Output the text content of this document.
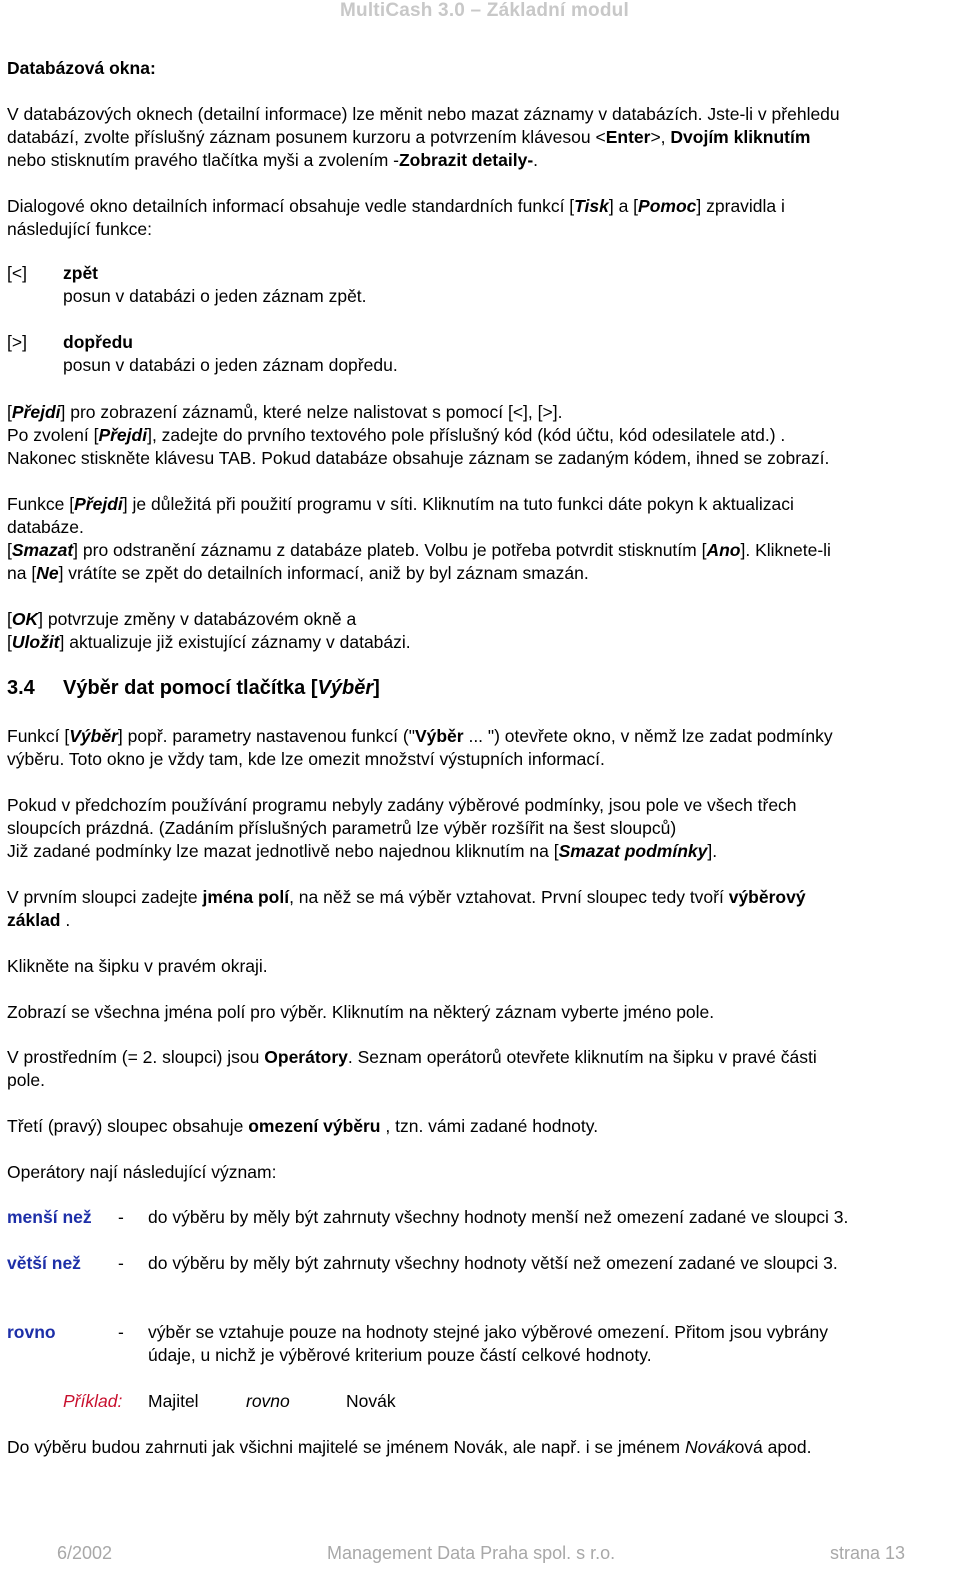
MultiCash 3.0 – Základní modul
Databázová okna:
V databázových oknech (detailní informace) lze měnit nebo mazat záznamy v databázích. Jste-li v přehledu
databází, zvolte příslušný záznam posunem kurzoru a potvrzením klávesou <Enter>, Dvojím kliknutím
nebo stisknutím pravého tlačítka myši a zvolením -Zobrazit detaily-.
Dialogové okno detailních informací obsahuje vedle standardních funkcí [Tisk] a [Pomoc] zpravidla i
následující funkce:
[<] zpět
posun v databázi o jeden záznam zpět.
[>] dopředu
posun v databázi o jeden záznam dopředu.
[Přejdi] pro zobrazení záznamů, které nelze nalistovat s pomocí [<], [>].
Po zvolení [Přejdi], zadejte do prvního textového pole příslušný kód (kód účtu, kód odesilatele atd.) .
Nakonec stiskněte klávesu TAB. Pokud databáze obsahuje záznam se zadaným kódem, ihned se zobrazí.
Funkce [Přejdi] je důležitá při použití programu v síti. Kliknutím na tuto funkci dáte pokyn k aktualizaci
databáze.
[Smazat] pro odstranění záznamu z databáze plateb. Volbu je potřeba potvrdit stisknutím [Ano]. Kliknete-li
na [Ne] vrátíte se zpět do detailních informací, aniž by byl záznam smazán.
[OK] potvrzuje změny v databázovém okně a
[Uložit] aktualizuje již existující záznamy v databázi.
3.4 Výběr dat pomocí tlačítka [Výběr]
Funkcí [Výběr] popř. parametry nastavenou funkcí ("Výběr ... ") otevřete okno, v němž lze zadat podmínky
výběru. Toto okno je vždy tam, kde lze omezit množství výstupních informací.
Pokud v předchozím používání programu nebyly zadány výběrové podmínky, jsou pole ve všech třech
sloupcích prázdná. (Zadáním příslušných parametrů lze výběr rozšířit na šest sloupců)
Již zadané podmínky lze mazat jednotlivě nebo najednou kliknutím na [Smazat podmínky].
V prvním sloupci zadejte jména polí, na něž se má výběr vztahovat. První sloupec tedy tvoří výběrový
základ .
Klikněte na šipku v pravém okraji.
Zobrazí se všechna jména polí pro výběr. Kliknutím na některý záznam vyberte jméno pole.
V prostředním (= 2. sloupci) jsou Operátory. Seznam operátorů otevřete kliknutím na šipku v pravé části
pole.
Třetí (pravý) sloupec obsahuje omezení výběru , tzn. vámi zadané hodnoty.
Operátory nají následující význam:
menší než - do výběru by měly být zahrnuty všechny hodnoty menší než omezení zadané ve sloupci 3.
větší než - do výběru by měly být zahrnuty všechny hodnoty větší než omezení zadané ve sloupci 3.
rovno	- výběr se vztahuje pouze na hodnoty stejné jako výběrové omezení. Přitom jsou vybrány
údaje, u nichž je výběrové kriterium pouze částí celkové hodnoty.
Příklad: Majitel	rovno	Novák
Do výběru budou zahrnuti jak všichni majitelé se jménem Novák, ale např. i se jménem Nováková apod.
6/2002	Management Data Praha spol. s r.o.	strana 13
